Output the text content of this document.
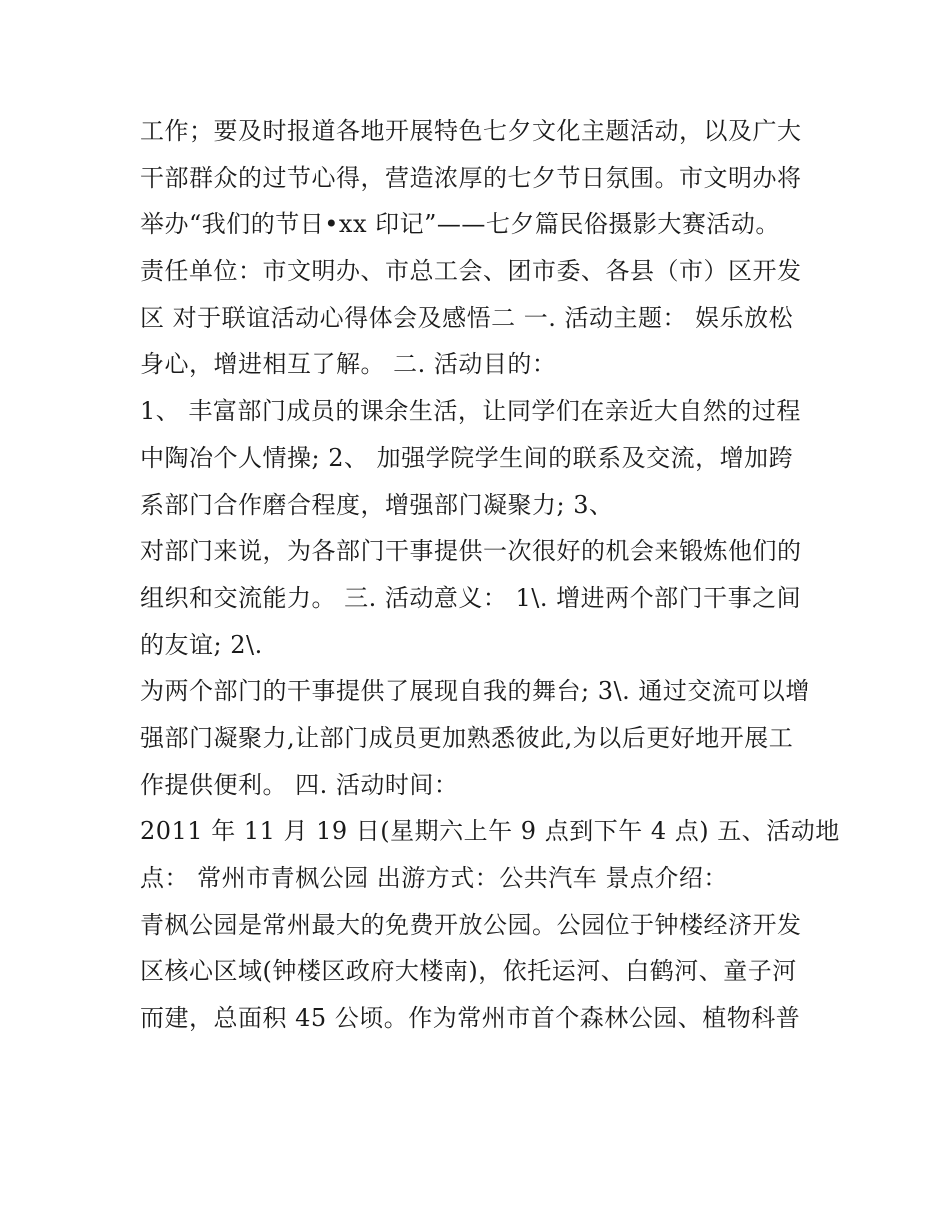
工作；要及时报道各地开展特色七夕文化主题活动，以及广大
干部群众的过节心得，营造浓厚的七夕节日氛围。市文明办将
举办“我们的节日•xx 印记”——七夕篇民俗摄影大赛活动。
责任单位：市文明办、市总工会、团市委、各县（市）区开发
区 对于联谊活动心得体会及感悟二 一. 活动主题： 娱乐放松
身心，增进相互了解。 二. 活动目的：
1、 丰富部门成员的课余生活，让同学们在亲近大自然的过程
中陶冶个人情操; 2、 加强学院学生间的联系及交流，增加跨
系部门合作磨合程度，增强部门凝聚力; 3、
对部门来说，为各部门干事提供一次很好的机会来锻炼他们的
组织和交流能力。 三. 活动意义： 1\. 增进两个部门干事之间
的友谊; 2\.
为两个部门的干事提供了展现自我的舞台; 3\. 通过交流可以增
强部门凝聚力,让部门成员更加熟悉彼此,为以后更好地开展工
作提供便利。 四. 活动时间：
2011 年 11 月 19 日(星期六上午 9 点到下午 4 点) 五、活动地
点： 常州市青枫公园 出游方式：公共汽车 景点介绍：
青枫公园是常州最大的免费开放公园。公园位于钟楼经济开发
区核心区域(钟楼区政府大楼南)，依托运河、白鹤河、童子河
而建，总面积 45 公顷。作为常州市首个森林公园、植物科普
